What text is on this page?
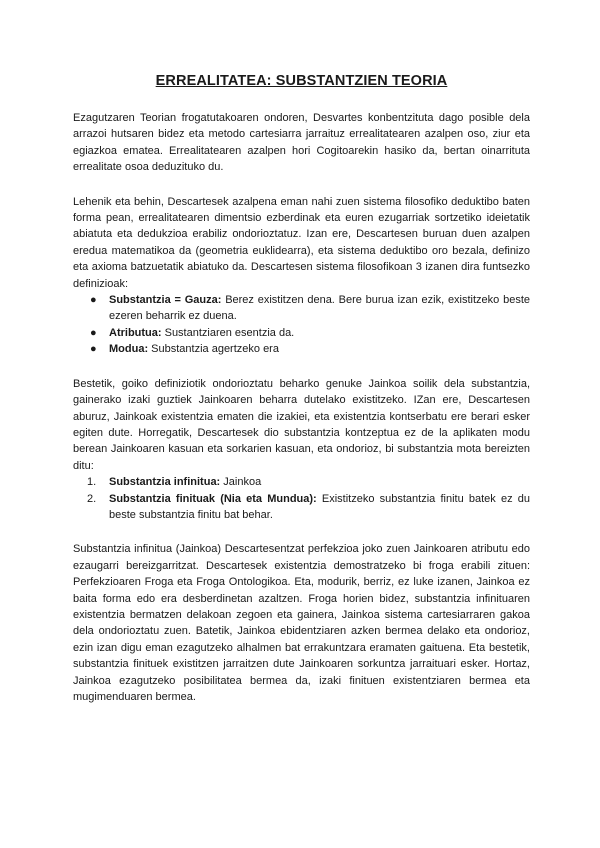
ERREALITATEA: SUBSTANTZIEN TEORIA

Ezagutzaren Teorian frogatutakoaren ondoren, Desvartes konbentzituta dago posible dela arrazoi hutsaren bidez eta metodo cartesiarra jarraituz errealitatearen azalpen oso, ziur eta egiazkoa ematea. Errealitatearen azalpen hori Cogitoarekin hasiko da, bertan oinarrituta errealitate osoa deduzituko du.

Lehenik eta behin, Descartesek azalpena eman nahi zuen sistema filosofiko deduktibo baten forma pean, errealitatearen dimentsio ezberdinak eta euren ezugarriak sortzetiko ideietatik abiatuta eta dedukzioa erabiliz ondorioztatuz. Izan ere, Descartesen buruan duen azalpen eredua matematikoa da (geometria euklidearra), eta sistema deduktibo oro bezala, definizo eta axioma batzuetatik abiatuko da. Descartesen sistema filosofikoan 3 izanen dira funtsezko definizioak:

● Substantzia = Gauza: Berez existitzen dena. Bere burua izan ezik, existitzeko beste ezeren beharrik ez duena.
● Atributua: Sustantziaren esentzia da.
● Modua: Substantzia agertzeko era

Bestetik, goiko definiziotik ondorioztatu beharko genuke Jainkoa soilik dela substantzia, gainerako izaki guztiek Jainkoaren beharra dutelako existitzeko. IZan ere, Descartesen aburuz, Jainkoak existentzia ematen die izakiei, eta existentzia kontserbatu ere berari esker egiten dute. Horregatik, Descartesek dio substantzia kontzeptua ez de la aplikaten modu berean Jainkoaren kasuan eta sorkarien kasuan, eta ondorioz, bi substantzia mota bereizten ditu:

1. Substantzia infinitua: Jainkoa
2. Substantzia finituak (Nia eta Mundua): Existitzeko substantzia finitu batek ez du beste substantzia finitu bat behar.

Substantzia infinitua (Jainkoa) Descartesentzat perfekzioa joko zuen Jainkoaren atributu edo ezaugarri bereizgarritzat. Descartesek existentzia demostratzeko bi froga erabili zituen: Perfekzioaren Froga eta Froga Ontologikoa. Eta, modurik, berriz, ez luke izanen, Jainkoa ez baita forma edo era desberdinetan azaltzen. Froga horien bidez, substantzia infinituaren existentzia bermatzen delakoan zegoen eta gainera, Jainkoa sistema cartesiarraren gakoa dela ondorioztatu zuen. Batetik, Jainkoa ebidentziaren azken bermea delako eta ondorioz, ezin izan digu eman ezagutzeko alhalmen bat errakuntzara eramaten gaituena. Eta bestetik, substantzia finituek existitzen jarraitzen dute Jainkoaren sorkuntza jarraituari esker. Hortaz, Jainkoa ezagutzeko posibilitatea bermea da, izaki finituen existentziaren bermea eta mugimenduaren bermea.
